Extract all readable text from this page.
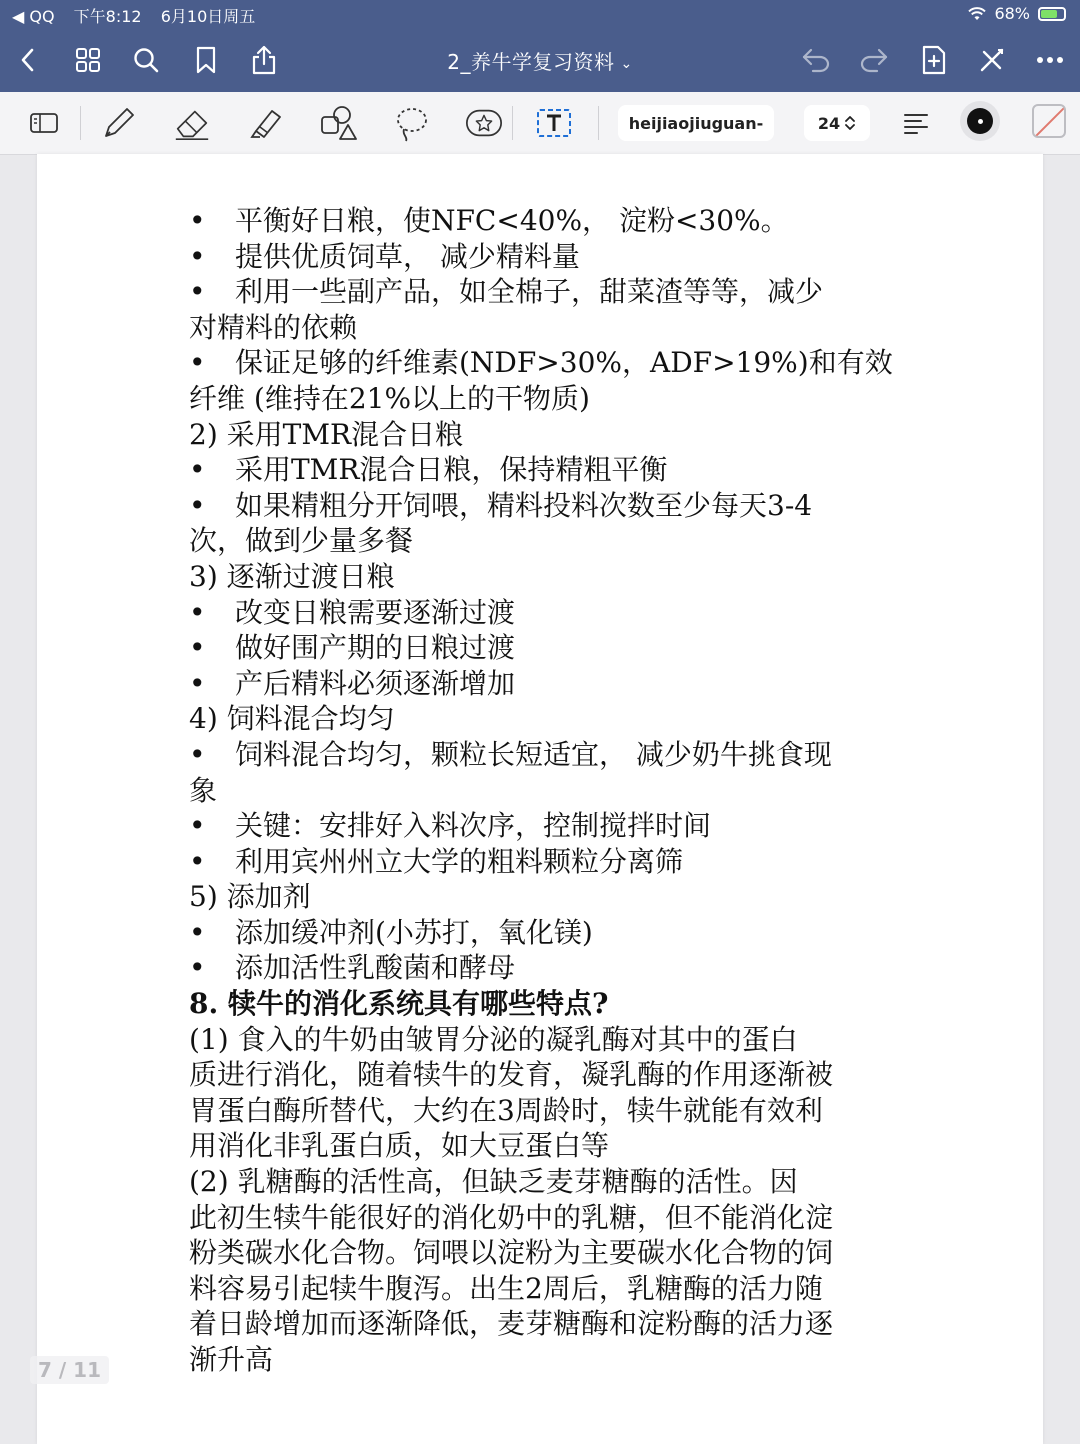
◀ QQ 下午8:12 6月10日周五	68%
2_养牛学复习资料 ⌄
heijiaojiuguan-	24

• 平衡好日粮，使NFC<40%， 淀粉<30%。

• 提供优质饲草， 减少精料量

• 利用一些副产品，如全棉子，甜菜渣等等，减少

对精料的依赖

• 保证足够的纤维素(NDF>30%，ADF>19%)和有效

纤维 (维持在21%以上的干物质)

2) 采用TMR混合日粮

• 采用TMR混合日粮，保持精粗平衡

• 如果精粗分开饲喂，精料投料次数至少每天3-4

次，做到少量多餐

3) 逐渐过渡日粮

• 改变日粮需要逐渐过渡

• 做好围产期的日粮过渡

• 产后精料必须逐渐增加

4) 饲料混合均匀

• 饲料混合均匀，颗粒长短适宜， 减少奶牛挑食现

象

• 关键：安排好入料次序，控制搅拌时间

• 利用宾州州立大学的粗料颗粒分离筛

5) 添加剂

• 添加缓冲剂(小苏打，氧化镁)

• 添加活性乳酸菌和酵母

8. 犊牛的消化系统具有哪些特点?

(1) 食入的牛奶由皱胃分泌的凝乳酶对其中的蛋白

质进行消化，随着犊牛的发育，凝乳酶的作用逐渐被

胃蛋白酶所替代，大约在3周龄时，犊牛就能有效利

用消化非乳蛋白质，如大豆蛋白等

(2) 乳糖酶的活性高，但缺乏麦芽糖酶的活性。因

此初生犊牛能很好的消化奶中的乳糖，但不能消化淀

粉类碳水化合物。饲喂以淀粉为主要碳水化合物的饲

料容易引起犊牛腹泻。出生2周后，乳糖酶的活力随

着日龄增加而逐渐降低，麦芽糖酶和淀粉酶的活力逐

渐升高

7 / 11
